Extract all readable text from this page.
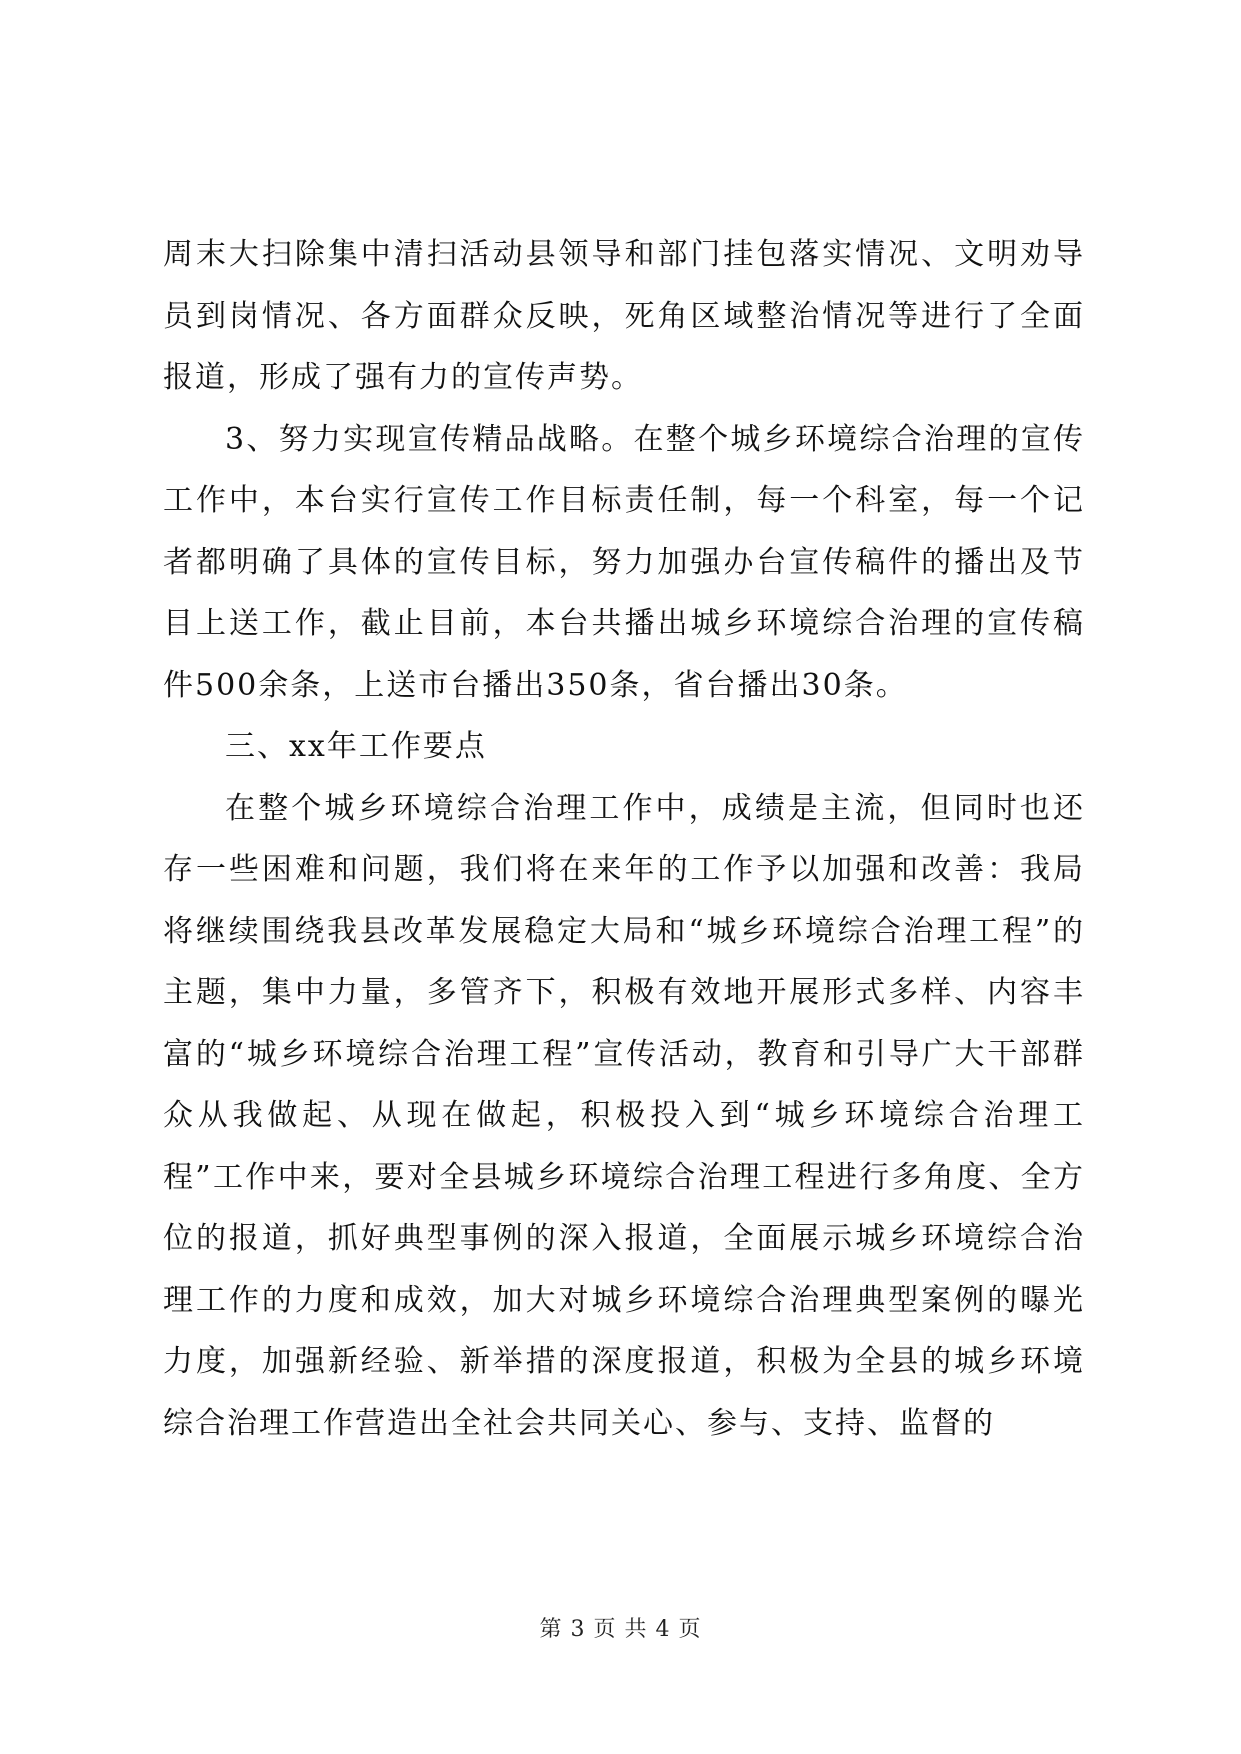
周末大扫除集中清扫活动县领导和部门挂包落实情况、文明劝导员到岗情况、各方面群众反映，死角区域整治情况等进行了全面报道，形成了强有力的宣传声势。

3、努力实现宣传精品战略。在整个城乡环境综合治理的宣传工作中，本台实行宣传工作目标责任制，每一个科室，每一个记者都明确了具体的宣传目标，努力加强办台宣传稿件的播出及节目上送工作，截止目前，本台共播出城乡环境综合治理的宣传稿件500余条，上送市台播出350条，省台播出30条。

三、xx年工作要点

在整个城乡环境综合治理工作中，成绩是主流，但同时也还存一些困难和问题，我们将在来年的工作予以加强和改善：我局将继续围绕我县改革发展稳定大局和“城乡环境综合治理工程”的主题，集中力量，多管齐下，积极有效地开展形式多样、内容丰富的“城乡环境综合治理工程”宣传活动，教育和引导广大干部群众从我做起、从现在做起，积极投入到“城乡环境综合治理工程”工作中来，要对全县城乡环境综合治理工程进行多角度、全方位的报道，抓好典型事例的深入报道，全面展示城乡环境综合治理工作的力度和成效，加大对城乡环境综合治理典型案例的曝光力度，加强新经验、新举措的深度报道，积极为全县的城乡环境综合治理工作营造出全社会共同关心、参与、支持、监督的

第 3 页 共 4 页
